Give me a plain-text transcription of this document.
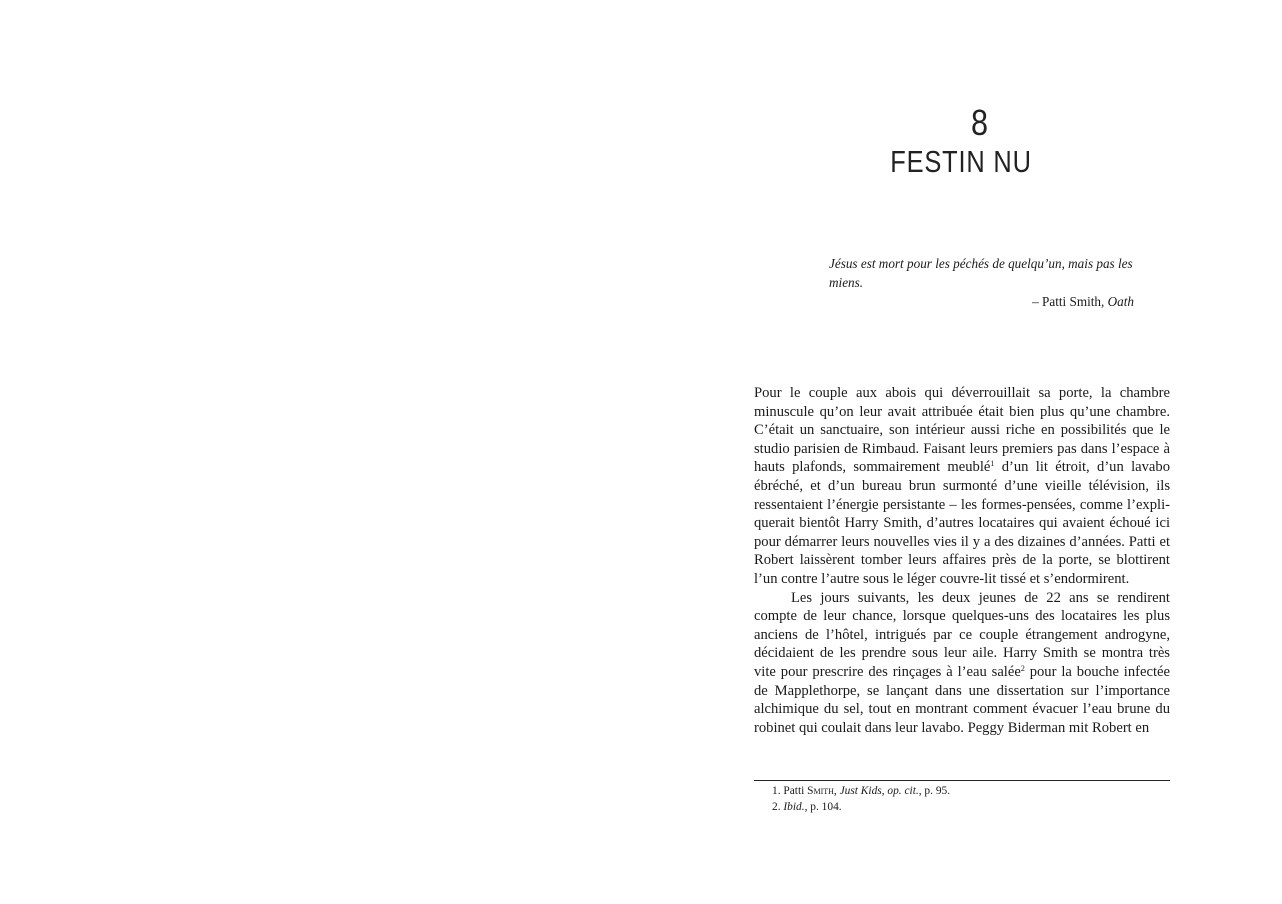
8
FESTIN NU

Jésus est mort pour les péchés de quelqu’un, mais pas les miens.

– Patti Smith, Oath

Pour le couple aux abois qui déverrouillait sa porte, la chambre minuscule qu’on leur avait attribuée était bien plus qu’une chambre. C’était un sanctuaire, son intérieur aussi riche en possibilités que le studio parisien de Rimbaud. Faisant leurs premiers pas dans l’espace à hauts plafonds, sommairement meublé$^1$ d’un lit étroit, d’un lavabo ébréché, et d’un bureau brun surmonté d’une vieille télévision, ils ressentaient l’énergie persistante – les formes-pensées, comme l’expliquerait bientôt Harry Smith, d’autres locataires qui avaient échoué ici pour démarrer leurs nouvelles vies il y a des dizaines d’années. Patti et Robert laissèrent tomber leurs affaires près de la porte, se blottirent l’un contre l’autre sous le léger couvre-lit tissé et s’endormirent.

Les jours suivants, les deux jeunes de 22 ans se rendirent compte de leur chance, lorsque quelques-uns des locataires les plus anciens de l’hôtel, intrigués par ce couple étrangement androgyne, décidaient de les prendre sous leur aile. Harry Smith se montra très vite pour prescrire des rinçages à l’eau salée$^2$ pour la bouche infectée de Mapplethorpe, se lançant dans une dissertation sur l’importance alchimique du sel, tout en montrant comment évacuer l’eau brune du robinet qui coulait dans leur lavabo. Peggy Biderman mit Robert en

1. Patti Smith, Just Kids, op. cit., p. 95.

2. Ibid., p. 104.
